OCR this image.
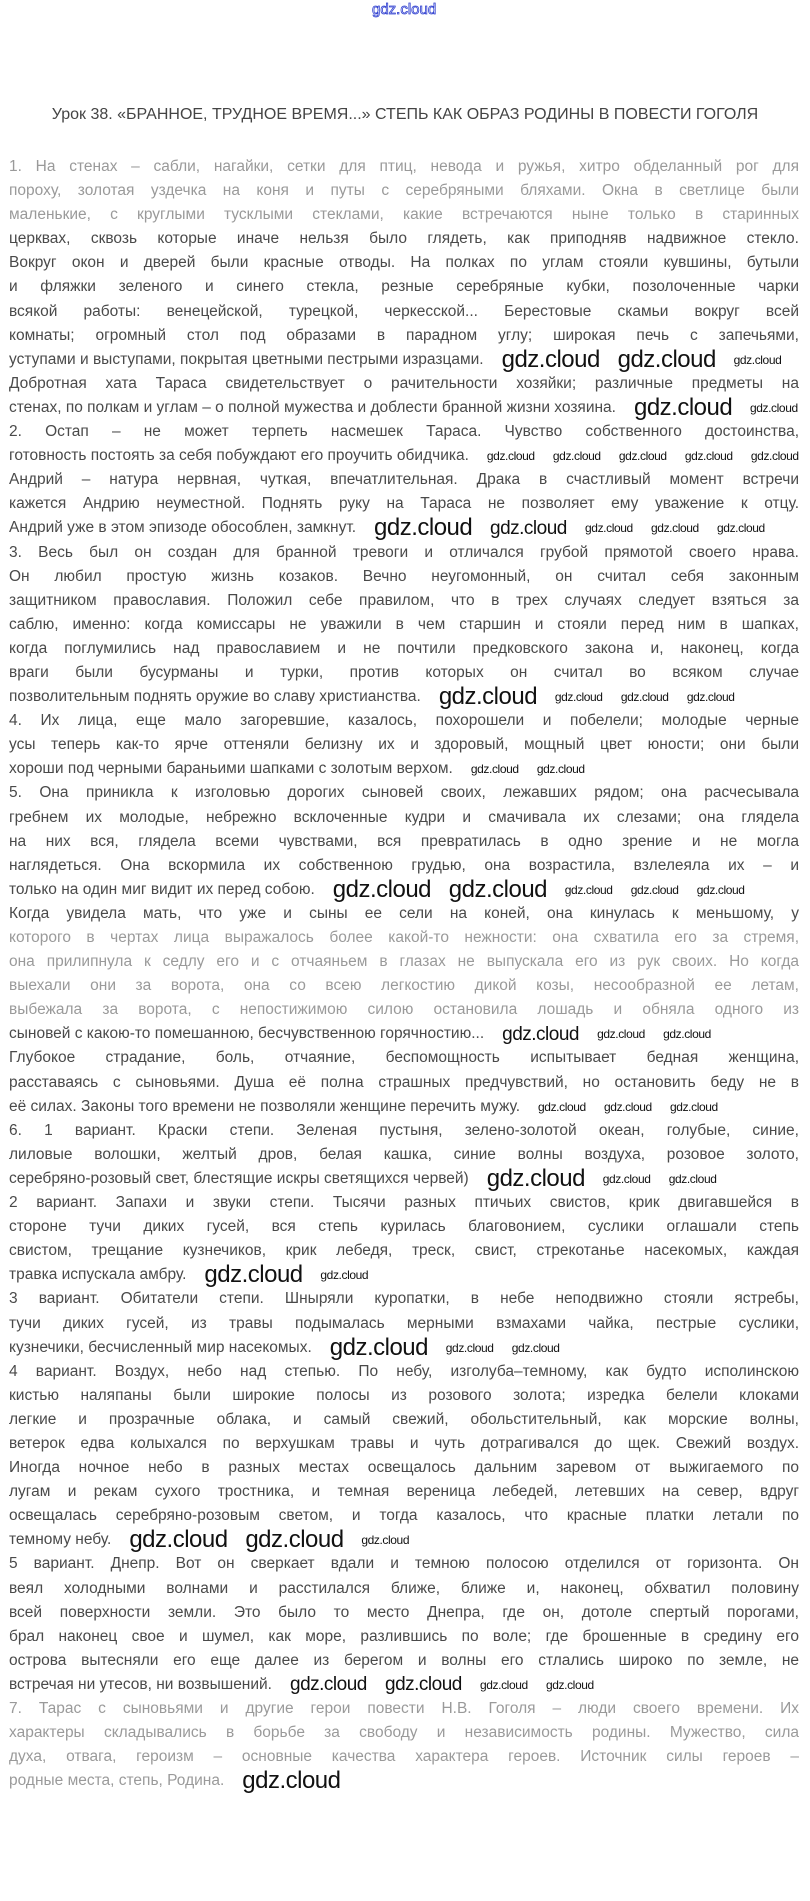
gdz.cloud
Урок 38. «БРАННОЕ, ТРУДНОЕ ВРЕМЯ...» СТЕПЬ КАК ОБРАЗ РОДИНЫ В ПОВЕСТИ ГОГОЛЯ
1. На стенах – сабли, нагайки, сетки для птиц, невода и ружья, хитро обделанный рог для
пороху, золотая уздечка на коня и путы с серебряными бляхами. Окна в светлице были
маленькие, с круглыми тусклыми стеклами, какие встречаются ныне только в старинных
церквах, сквозь которые иначе нельзя было глядеть, как приподняв надвижное стекло.
Вокруг окон и дверей были красные отводы. На полках по углам стояли кувшины, бутыли
и фляжки зеленого и синего стекла, резные серебряные кубки, позолоченные чарки
всякой работы: венецейской, турецкой, черкесской... Берестовые скамьи вокруг всей
комнаты; огромный стол под образами в парадном углу; широкая печь с запечьями,
уступами и выступами, покрытая цветными пестрыми изразцами.
Добротная хата Тараса свидетельствует о рачительности хозяйки; различные предметы на
стенах, по полкам и углам – о полной мужества и доблести бранной жизни хозяина.
2. Остап – не может терпеть насмешек Тараса. Чувство собственного достоинства,
готовность постоять за себя побуждают его проучить обидчика.
Андрий – натура нервная, чуткая, впечатлительная. Драка в счастливый момент встречи
кажется Андрию неуместной. Поднять руку на Тараса не позволяет ему уважение к отцу.
Андрий уже в этом эпизоде обособлен, замкнут.
3. Весь был он создан для бранной тревоги и отличался грубой прямотой своего нрава.
Он любил простую жизнь козаков. Вечно неугомонный, он считал себя законным
защитником православия. Положил себе правилом, что в трех случаях следует взяться за
саблю, именно: когда комиссары не уважили в чем старшин и стояли перед ним в шапках,
когда поглумились над православием и не почтили предковского закона и, наконец, когда
враги были бусурманы и турки, против которых он считал во всяком случае
позволительным поднять оружие во славу христианства.
4. Их лица, еще мало загоревшие, казалось, похорошели и побелели; молодые черные
усы теперь как-то ярче оттеняли белизну их и здоровый, мощный цвет юности; они были
хороши под черными бараньими шапками с золотым верхом.
5. Она приникла к изголовью дорогих сыновей своих, лежавших рядом; она расчесывала
гребнем их молодые, небрежно всклоченные кудри и смачивала их слезами; она глядела
на них вся, глядела всеми чувствами, вся превратилась в одно зрение и не могла
наглядеться. Она вскормила их собственною грудью, она возрастила, взлелеяла их – и
только на один миг видит их перед собою.
Когда увидела мать, что уже и сыны ее сели на коней, она кинулась к меньшому, у
которого в чертах лица выражалось более какой-то нежности: она схватила его за стремя,
она прилипнула к седлу его и с отчаяньем в глазах не выпускала его из рук своих. Но когда
выехали они за ворота, она со всею легкостию дикой козы, несообразной ее летам,
выбежала за ворота, с непостижимою силою остановила лошадь и обняла одного из
сыновей с какою-то помешанною, бесчувственною горячностию...
Глубокое страдание, боль, отчаяние, беспомощность испытывает бедная женщина,
расставаясь с сыновьями. Душа её полна страшных предчувствий, но остановить беду не в
её силах. Законы того времени не позволяли женщине перечить мужу.
6. 1 вариант. Краски степи. Зеленая пустыня, зелено-золотой океан, голубые, синие,
лиловые волошки, желтый дров, белая кашка, синие волны воздуха, розовое золото,
серебряно-розовый свет, блестящие искры светящихся червей)
2 вариант. Запахи и звуки степи. Тысячи разных птичьих свистов, крик двигавшейся в
стороне тучи диких гусей, вся степь курилась благовонием, суслики оглашали степь
свистом, трещание кузнечиков, крик лебедя, треск, свист, стрекотанье насекомых, каждая
травка испускала амбру.
3 вариант. Обитатели степи. Шныряли куропатки, в небе неподвижно стояли ястребы,
тучи диких гусей, из травы подымалась мерными взмахами чайка, пестрые суслики,
кузнечики, бесчисленный мир насекомых.
4 вариант. Воздух, небо над степью. По небу, изголуба–темному, как будто исполинскою
кистью наляпаны были широкие полосы из розового золота; изредка белели клоками
легкие и прозрачные облака, и самый свежий, обольстительный, как морские волны,
ветерок едва колыхался по верхушкам травы и чуть дотрагивался до щек. Свежий воздух.
Иногда ночное небо в разных местах освещалось дальним заревом от выжигаемого по
лугам и рекам сухого тростника, и темная вереница лебедей, летевших на север, вдруг
освещалась серебряно-розовым светом, и тогда казалось, что красные платки летали по
темному небу.
5 вариант. Днепр. Вот он сверкает вдали и темною полосою отделился от горизонта. Он
веял холодными волнами и расстилался ближе, ближе и, наконец, обхватил половину
всей поверхности земли. Это было то место Днепра, где он, дотоле спертый порогами,
брал наконец свое и шумел, как море, разлившись по воле; где брошенные в средину его
острова вытесняли его еще далее из берегом и волны его стлались широко по земле, не
встречая ни утесов, ни возвышений.
7. Тарас с сыновьями и другие герои повести Н.В. Гоголя – люди своего времени. Их
характеры складывались в борьбе за свободу и независимость родины. Мужество, сила
духа, отвага, героизм – основные качества характера героев. Источник силы героев –
родные места, степь, Родина.
gdz.cloud gdz.cloud gdz.cloud
gdz.cloud
gdz.cloud gdz.cloud
gdz.cloud
gdz.cloud gdz.cloud gdz.cloud
gdz.cloud gdz.cloud gdz.cloud
gdz.cloud gdz.cloud
gdz.cloud gdz.cloud
gdz.cloud	gdz.cloud
gdz.cloud gdz.cloud
gdz.cloud gdz.cloud
gdz.cloud gdz.cloud	gdz.cloud
gdz.cloud gdz.cloud gdz.cloud
gdz.cloud gdz.cloud gdz.cloud
gdz.cloud
gdz.cloud	gdz.cloud
gdz.cloud
gdz.cloud
gdz.cloud
gdz.cloud	gdz.cloud
gdz.cloud gdz.cloud gdz.cloud
gdz.cloud
gdz.cloud gdz.cloud	gdz.cloud
gdz.cloud
